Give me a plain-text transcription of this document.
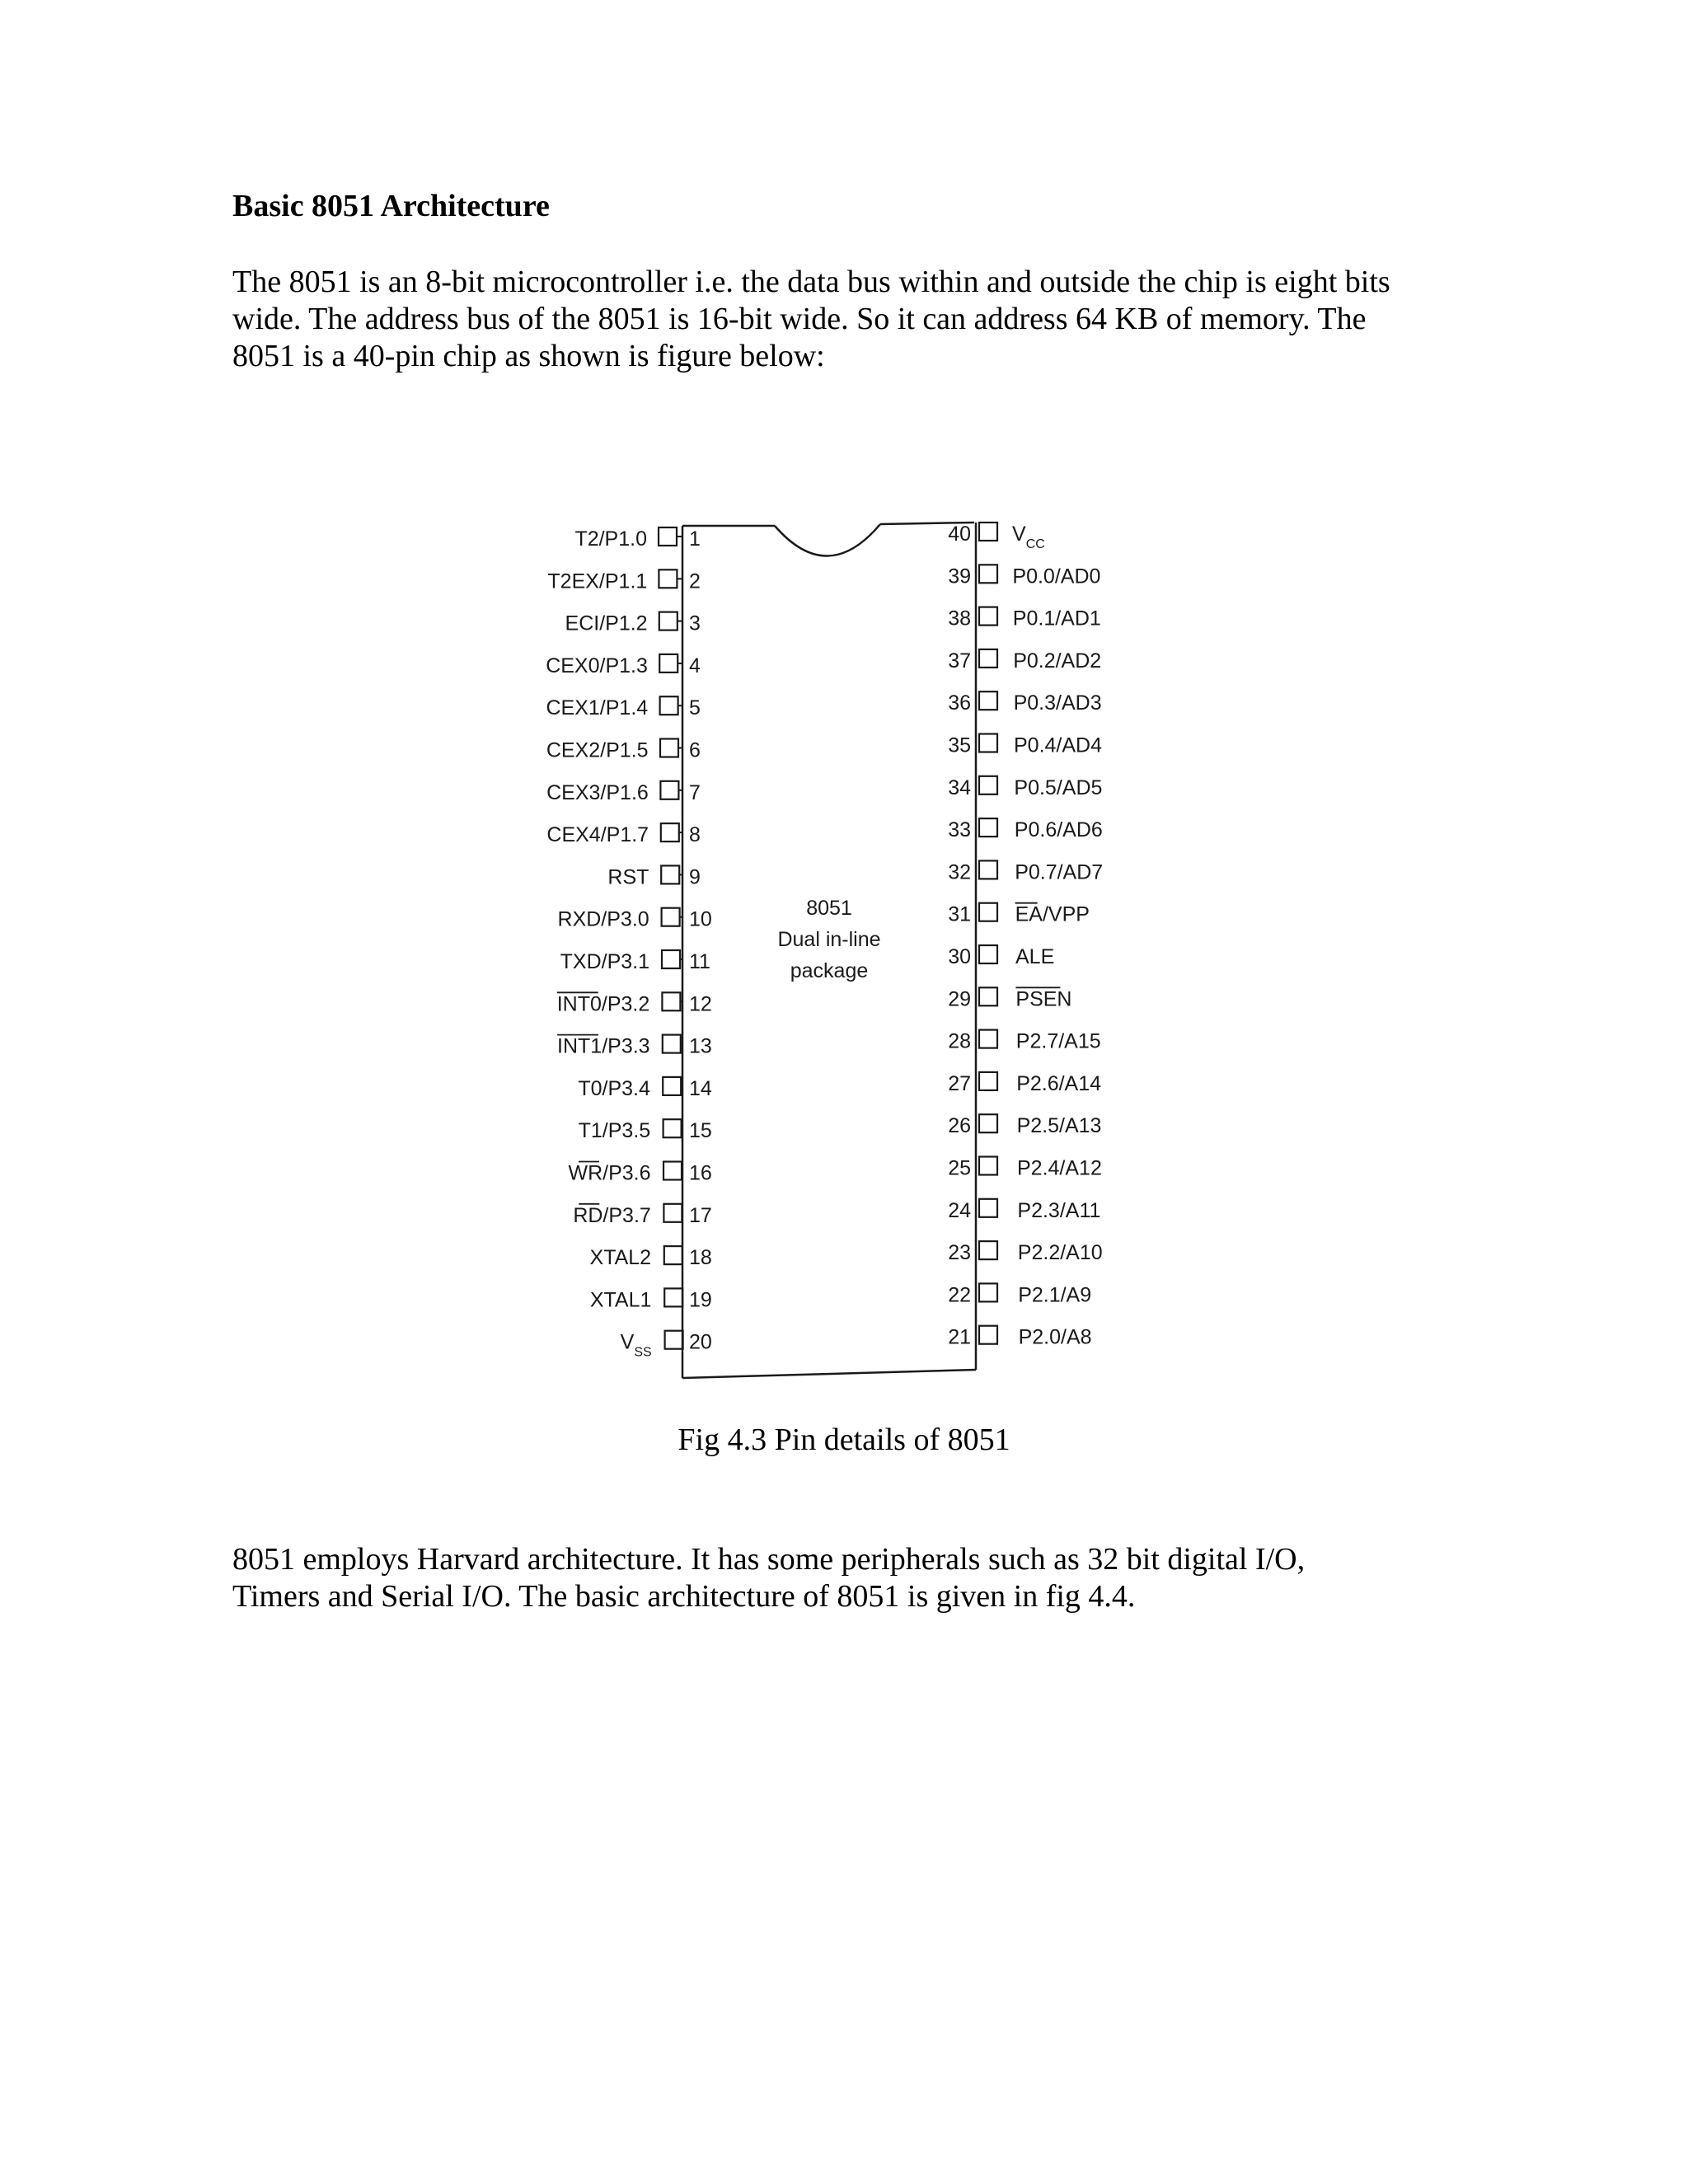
Basic 8051 Architecture
The 8051 is an 8-bit microcontroller i.e. the data bus within and outside the chip is eight bits
wide. The address bus of the 8051 is 16-bit wide. So it can address 64 KB of memory. The
8051 is a 40-pin chip as shown is figure below:
8051
Dual in-line
package
1
T2/P1.0
2
T2EX/P1.1
3
ECI/P1.2
4
CEX0/P1.3
5
CEX1/P1.4
6
CEX2/P1.5
7
CEX3/P1.6
8
CEX4/P1.7
9
RST
10
RXD/P3.0
11
TXD/P3.1
12
INT0/P3.2
13
INT1/P3.3
14
T0/P3.4
15
T1/P3.5
16
WR/P3.6
17
RD/P3.7
18
XTAL2
19
XTAL1
20
$V_{SS}$
40 $V_{CC}$
39 P0.0/AD0
38 P0.1/AD1
37 P0.2/AD2
36 P0.3/AD3
35 P0.4/AD4
34 P0.5/AD5
33 P0.6/AD6
32 P0.7/AD7
31 EA/VPP
30 ALE
29 PSEN
28 P2.7/A15
27 P2.6/A14
26 P2.5/A13
25 P2.4/A12
24 P2.3/A11
23 P2.2/A10
22 P2.1/A9
21 P2.0/A8
Fig 4.3 Pin details of 8051
8051 employs Harvard architecture. It has some peripherals such as 32 bit digital I/O,
Timers and Serial I/O. The basic architecture of 8051 is given in fig 4.4.
